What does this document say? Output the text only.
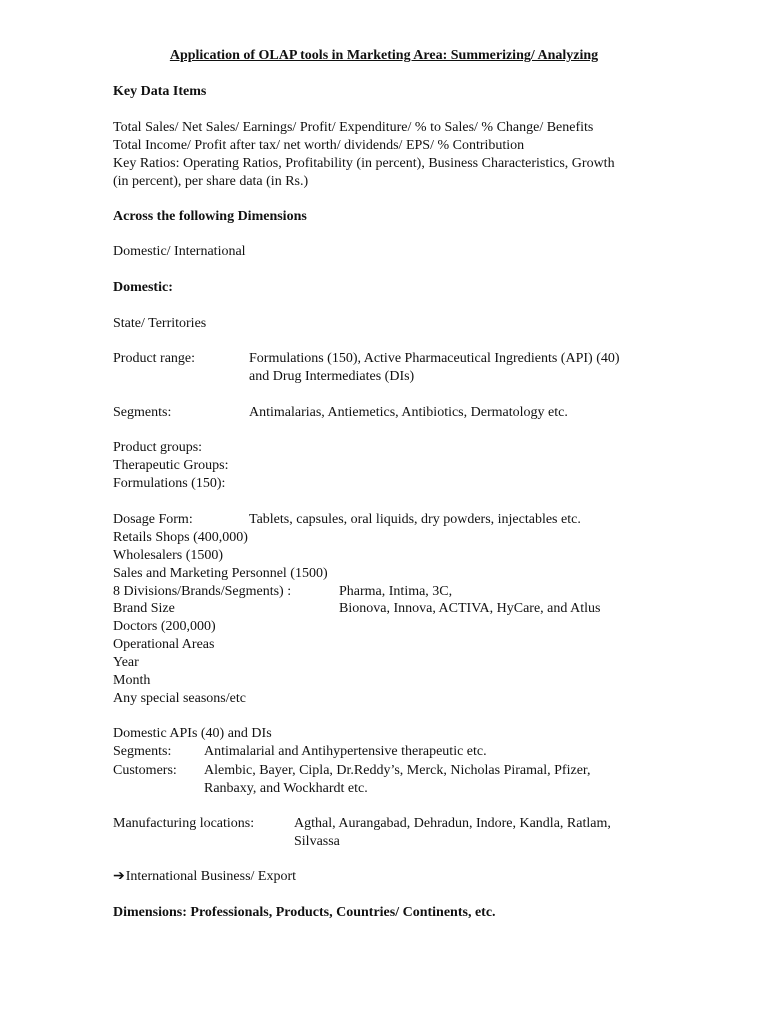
Application of OLAP tools in Marketing Area: Summerizing/ Analyzing
Key Data Items
Total Sales/ Net Sales/ Earnings/ Profit/ Expenditure/ % to Sales/ % Change/ Benefits
Total Income/ Profit after tax/ net worth/ dividends/ EPS/ % Contribution
Key Ratios: Operating Ratios, Profitability (in percent), Business Characteristics, Growth
(in percent), per share data (in Rs.)
Across the following Dimensions
Domestic/ International
Domestic:
State/ Territories
Product range:	Formulations (150), Active Pharmaceutical Ingredients (API) (40)
and Drug Intermediates (DIs)
Segments:	Antimalarias, Antiemetics, Antibiotics, Dermatology etc.
Product groups:
Therapeutic Groups:
Formulations (150):
Dosage Form:	Tablets, capsules, oral liquids, dry powders, injectables etc.
Retails Shops (400,000)
Wholesalers (1500)
Sales and Marketing Personnel (1500)
8 Divisions/Brands/Segments) :	Pharma, Intima, 3C,
Brand Size	Bionova, Innova, ACTIVA, HyCare, and Atlus
Doctors (200,000)
Operational Areas
Year
Month
Any special seasons/etc
Domestic APIs (40) and DIs
Segments: Antimalarial and Antihypertensive therapeutic etc.
Customers: Alembic, Bayer, Cipla, Dr.Reddy’s, Merck, Nicholas Piramal, Pfizer,
Ranbaxy, and Wockhardt etc.
Manufacturing locations:	Agthal, Aurangabad, Dehradun, Indore, Kandla, Ratlam,
Silvassa
➔International Business/ Export
Dimensions: Professionals, Products, Countries/ Continents, etc.
